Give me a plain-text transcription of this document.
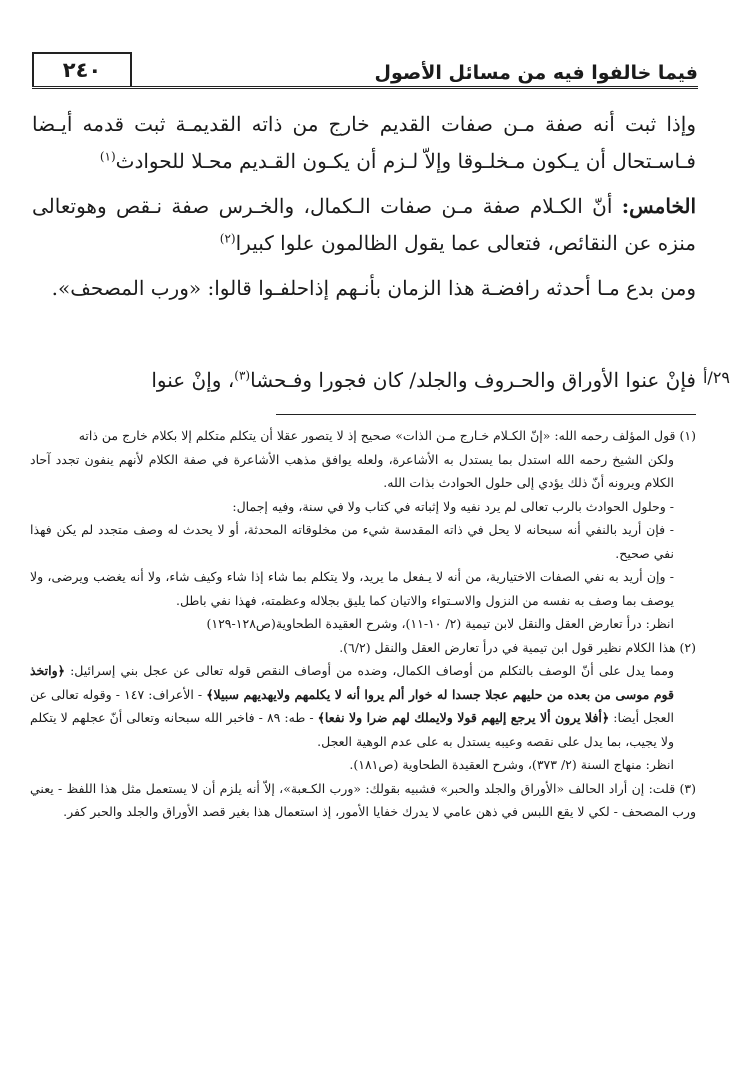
فيما خالفوا فيه من مسائل الأصول
٢٤٠

وإذا ثبت أنه صفة مـن صفات القديم خارج من ذاته القديمـة ثبت قدمه أيـضا فـاسـتحال أن يـكون مـخلـوقا وإلاّ لـزم أن يكـون القـديم محـلا للحوادث$^{(١)}$

الخامس: أنّ الكـلام صفة مـن صفات الـكمال، والخـرس صفة نـقص وهوتعالى منزه عن النقائص، فتعالى عما يقول الظالمون علوا كبيرا$^{(٢)}$

ومن بدع مـا أحدثه رافضـة هذا الزمان بأنـهم إذاحلفـوا قالوا: «ورب المصحف».

٢٩/أ
فإنْ عنوا الأوراق والحـروف والجلد/ كان فجورا وفـحشا$^{(٣)}$، وإنْ عنوا

(١) قول المؤلف رحمه الله: «إنّ الكـلام خـارج مـن الذات» صحيح إذ لا يتصور عقلا أن يتكلم متكلم إلا بكلام خارج من ذاته

ولكن الشيخ رحمه الله استدل بما يستدل به الأشاعرة، ولعله يوافق مذهب الأشاعرة في صفة الكلام لأنهم ينفون تجدد آحاد الكلام ويرونه أنّ ذلك يؤدي إلى حلول الحوادث بذات الله.

- وحلول الحوادث بالرب تعالى لم يرد نفيه ولا إثباته في كتاب ولا في سنة، وفيه إجمال:

- فإن أريد بالنفي أنه سبحانه لا يحل في ذاته المقدسة شيء من مخلوقاته المحدثة، أو لا يحدث له وصف متجدد لم يكن فهذا نفي صحيح.

- وإن أريد به نفي الصفات الاختيارية، من أنه لا يـفعل ما يريد، ولا يتكلم بما شاء إذا شاء وكيف شاء، ولا أنه يغضب ويرضى، ولا يوصف بما وصف به نفسه من النزول والاسـتواء والاتيان كما يليق بجلاله وعظمته، فهذا نفي باطل.

انظر: درأ تعارض العقل والنقل لابن تيمية (٢/ ١٠-١١)، وشرح العقيدة الطحاوية(ص١٢٨-١٢٩)

(٢) هذا الكلام نظير قول ابن تيمية في درأ تعارض العقل والنقل (٦/٢).

ومما يدل على أنّ الوصف بالتكلم من أوصاف الكمال، وضده من أوصاف النقص قوله تعالى عن عجل بني إسرائيل: ﴿واتخذ قوم موسى من بعده من حليهم عجلا جسدا له خوار ألم يروا أنه لا يكلمهم ولايهديهم سبيلا﴾ - الأعراف: ١٤٧ - وقوله تعالى عن العجل أيضا: ﴿أفلا يرون ألا يرجع إليهم قولا ولايملك لهم ضرا ولا نفعا﴾ - طه: ٨٩ - فاخبر الله سبحانه وتعالى أنّ عجلهم لا يتكلم ولا يجيب، بما يدل على نقصه وعيبه يستدل به على عدم الوهية العجل.

انظر: منهاج السنة (٢/ ٣٧٣)، وشرح العقيدة الطحاوية (ص١٨١).

(٣) قلت: إن أراد الحالف «الأوراق والجلد والحبر» فشبيه بقولك: «ورب الكـعبة»، إلاّ أنه يلزم أن لا يستعمل مثل هذا اللفظ - يعني ورب المصحف - لكي لا يقع اللبس في ذهن عامي لا يدرك خفايا الأمور، إذ استعمال هذا بغير قصد الأوراق والجلد والحبر كفر.
